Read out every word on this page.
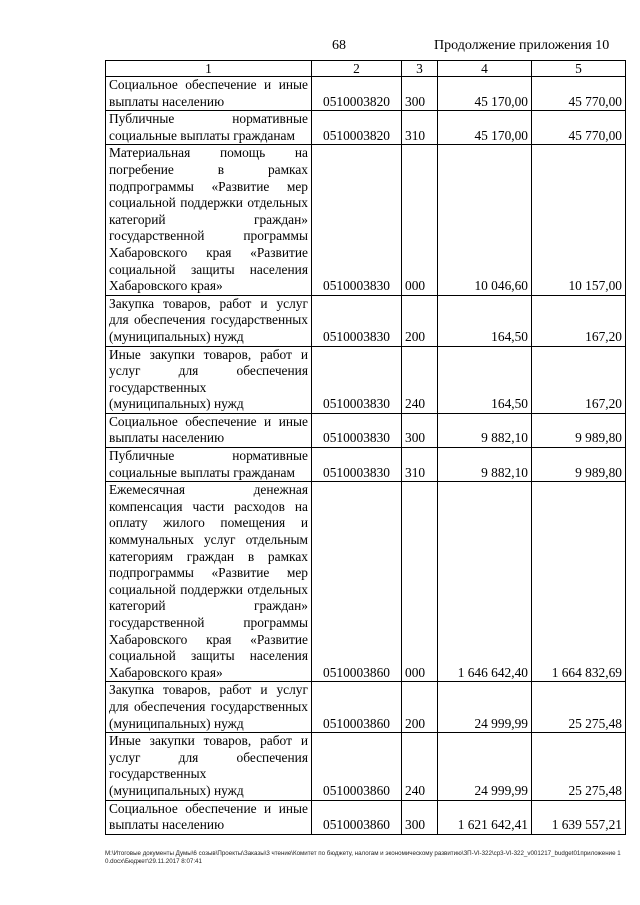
68	Продолжение приложения 10
1	2	3	4	5
Социальное обеспечение и иные выплаты населению	0510003820	300	45 170,00	45 770,00
Публичные нормативные социальные выплаты гражданам	0510003820	310	45 170,00	45 770,00
Материальная помощь на погребение в рамках подпрограммы «Развитие мер социальной поддержки отдельных категорий граждан» государственной программы Хабаровского края «Развитие социальной защиты населения Хабаровского края»	0510003830	000	10 046,60	10 157,00
Закупка товаров, работ и услуг для обеспечения государственных (муниципальных) нужд	0510003830	200	164,50	167,20
Иные закупки товаров, работ и услуг для обеспечения государственных (муниципальных) нужд	0510003830	240	164,50	167,20
Социальное обеспечение и иные выплаты населению	0510003830	300	9 882,10	9 989,80
Публичные нормативные социальные выплаты гражданам	0510003830	310	9 882,10	9 989,80
Ежемесячная денежная компенсация части расходов на оплату жилого помещения и коммунальных услуг отдельным категориям граждан в рамках подпрограммы «Развитие мер социальной поддержки отдельных категорий граждан» государственной программы Хабаровского края «Развитие социальной защиты населения Хабаровского края»	0510003860	000	1 646 642,40	1 664 832,69
Закупка товаров, работ и услуг для обеспечения государственных (муниципальных) нужд	0510003860	200	24 999,99	25 275,48
Иные закупки товаров, работ и услуг для обеспечения государственных (муниципальных) нужд	0510003860	240	24 999,99	25 275,48
Социальное обеспечение и иные выплаты населению	0510003860	300	1 621 642,41	1 639 557,21
М:\Итоговые документы Думы\6 созыв\Проекты\Заказы\3 чтение\Комитет по бюджету, налогам и экономическому развитию\ЗП-VI-322\ср3-VI-322_v001217_budget01приложение 10.docx\Бюджет\29.11.2017 8:07:41
